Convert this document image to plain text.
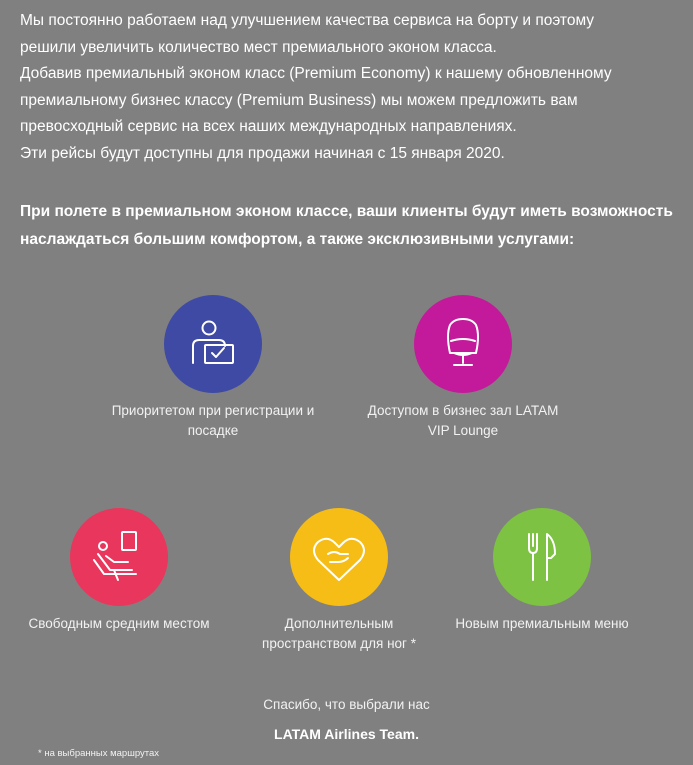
Мы постоянно работаем над улучшением качества сервиса на борту и поэтому

решили увеличить количество мест премиального эконом класса.

Добавив премиальный эконом класс (Premium Economy) к нашему обновленному

премиальному бизнес классу (Premium Business) мы можем предложить вам

превосходный сервис на всех наших международных направлениях.

Эти рейсы будут доступны для продажи начиная с 15 января 2020.

При полете в премиальном эконом классе, ваши клиенты будут иметь возможность

наслаждаться большим комфортом, а также эксклюзивными услугами:

Приоритетом при регистрации и
посадке
Доступом в бизнес зал LATAM
VIP Lounge
Свободным средним местом	Дополнительным
пространством для ног *
Новым премиальным меню
Спасибо, что выбрали нас
LATAM Airlines Team.
* на выбранных маршрутах
